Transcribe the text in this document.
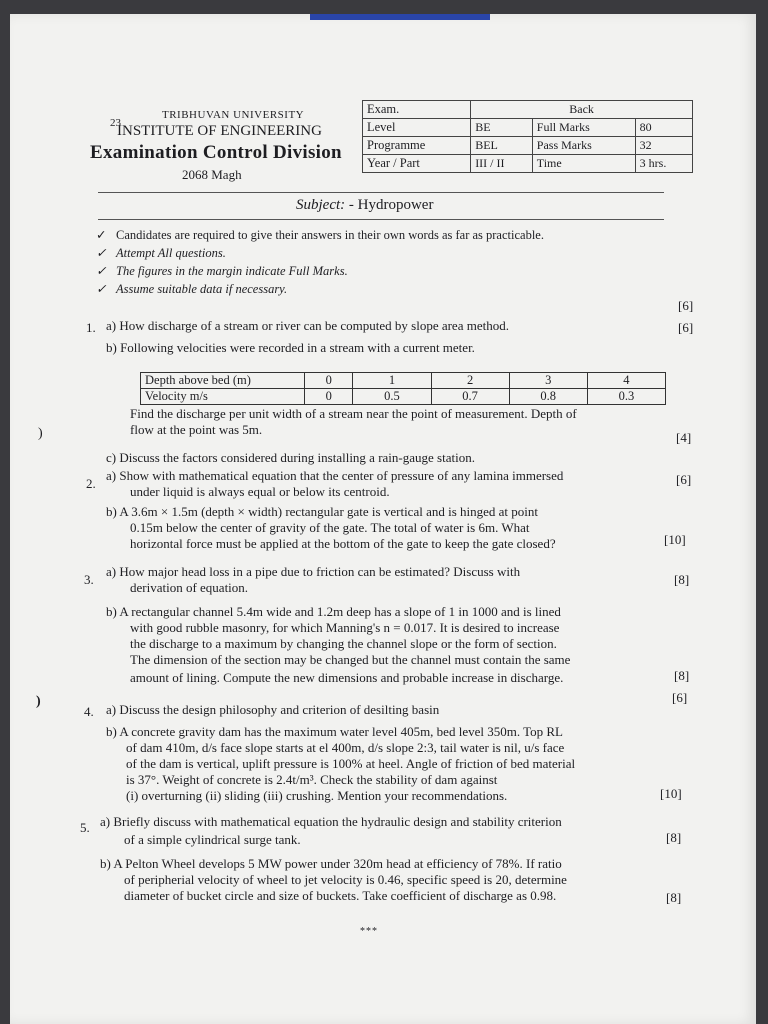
23
TRIBHUVAN UNIVERSITY
INSTITUTE OF ENGINEERING
Examination Control Division
2068 Magh
Exam.	Back		
Level	BE	Full Marks	80
Programme	BEL	Pass Marks	32
Year / Part	III / II	Time	3 hrs.
Subject: - Hydropower
✓ Candidates are required to give their answers in their own words as far as practicable.
✓ Attempt All questions.
✓ The figures in the margin indicate Full Marks.
✓ Assume suitable data if necessary.
1. a) How discharge of a stream or river can be computed by slope area method.
[6]
b) Following velocities were recorded in a stream with a current meter.
[6]
Depth above bed (m)	0	1	2	3	4
Velocity m/s	0	0.5	0.7	0.8	0.3
Find the discharge per unit width of a stream near the point of measurement. Depth of
flow at the point was 5m.
)
c) Discuss the factors considered during installing a rain-gauge station.
[4]
2.
a) Show with mathematical equation that the center of pressure of any lamina immersed
under liquid is always equal or below its centroid.
[6]
b) A 3.6m × 1.5m (depth × width) rectangular gate is vertical and is hinged at point
0.15m below the center of gravity of the gate. The total of water is 6m. What
horizontal force must be applied at the bottom of the gate to keep the gate closed?	[10]
3.
a) How major head loss in a pipe due to friction can be estimated? Discuss with
derivation of equation.
[8]
b) A rectangular channel 5.4m wide and 1.2m deep has a slope of 1 in 1000 and is lined
with good rubble masonry, for which Manning's n = 0.017. It is desired to increase
the discharge to a maximum by changing the channel slope or the form of section.
The dimension of the section may be changed but the channel must contain the same
amount of lining. Compute the new dimensions and probable increase in discharge.	[8]
)
4. a) Discuss the design philosophy and criterion of desilting basin
[6]
b) A concrete gravity dam has the maximum water level 405m, bed level 350m. Top RL
of dam 410m, d/s face slope starts at el 400m, d/s slope 2:3, tail water is nil, u/s face
of the dam is vertical, uplift pressure is 100% at heel. Angle of friction of bed material
is 37°. Weight of concrete is 2.4t/m³. Check the stability of dam against
(i) overturning (ii) sliding (iii) crushing. Mention your recommendations.	[10]
5. a) Briefly discuss with mathematical equation the hydraulic design and stability criterion
of a simple cylindrical surge tank.	[8]
b) A Pelton Wheel develops 5 MW power under 320m head at efficiency of 78%. If ratio
of peripherial velocity of wheel to jet velocity is 0.46, specific speed is 20, determine
diameter of bucket circle and size of buckets. Take coefficient of discharge as 0.98.	[8]
***
